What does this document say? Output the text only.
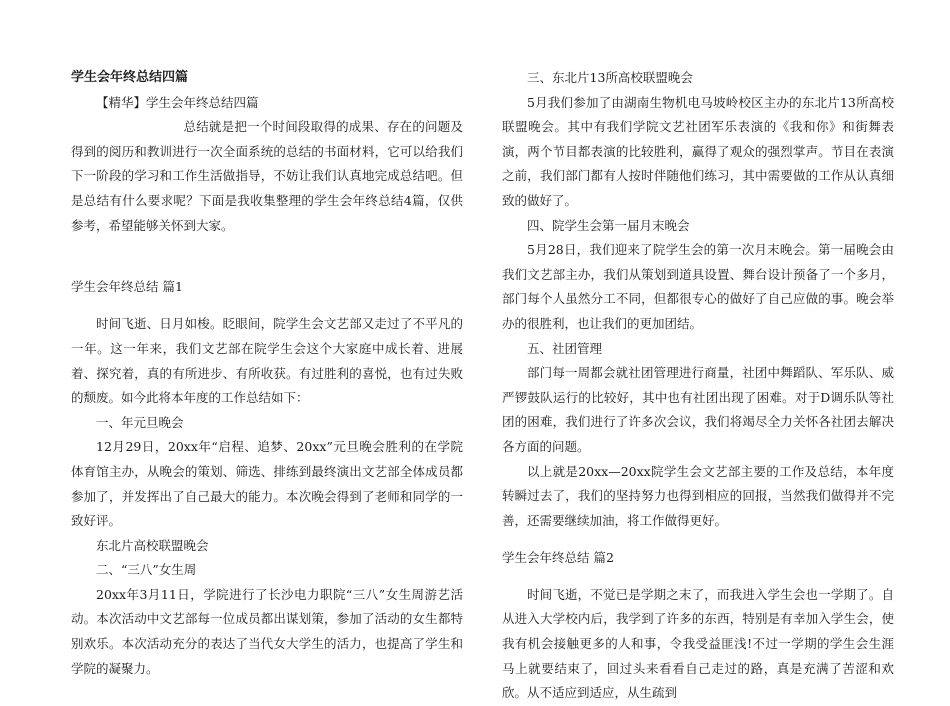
学生会年终总结四篇

【精华】学生会年终总结四篇

总结就是把一个时间段取得的成果、存在的问题及得到的阅历和教训进行一次全面系统的总结的书面材料，它可以给我们下一阶段的学习和工作生活做指导，不妨让我们认真地完成总结吧。但是总结有什么要求呢？下面是我收集整理的学生会年终总结4篇，仅供参考，希望能够关怀到大家。

学生会年终总结 篇1

时间飞逝、日月如梭。眨眼间，院学生会文艺部又走过了不平凡的一年。这一年来，我们文艺部在院学生会这个大家庭中成长着、进展着、探究着，真的有所进步、有所收获。有过胜利的喜悦，也有过失败的颓废。如今此将本年度的工作总结如下：

一、年元旦晚会

12月29日，20xx年“启程、追梦、20xx”元旦晚会胜利的在学院体育馆主办，从晚会的策划、筛选、排练到最终演出文艺部全体成员都参加了，并发挥出了自己最大的能力。本次晚会得到了老师和同学的一致好评。

东北片高校联盟晚会

二、“三八”女生周

20xx年3月11日，学院进行了长沙电力职院“三八”女生周游艺活动。本次活动中文艺部每一位成员都出谋划策，参加了活动的女生都特别欢乐。本次活动充分的表达了当代女大学生的活力，也提高了学生和学院的凝聚力。

三、东北片13所高校联盟晚会

5月我们参加了由湖南生物机电马坡岭校区主办的东北片13所高校联盟晚会。其中有我们学院文艺社团军乐表演的《我和你》和街舞表演，两个节目都表演的比较胜利，赢得了观众的强烈掌声。节目在表演之前，我们部门都有人按时伴随他们练习，其中需要做的工作从认真细致的做好了。

四、院学生会第一届月末晚会

5月28日，我们迎来了院学生会的第一次月末晚会。第一届晚会由我们文艺部主办，我们从策划到道具设置、舞台设计预备了一个多月，部门每个人虽然分工不同，但都很专心的做好了自己应做的事。晚会举办的很胜利，也让我们的更加团结。

五、社团管理

部门每一周都会就社团管理进行商量，社团中舞蹈队、军乐队、威严锣鼓队运行的比较好，其中也有社团出现了困难。对于D调乐队等社团的困难，我们进行了许多次会议，我们将竭尽全力关怀各社团去解决各方面的问题。

以上就是20xx—20xx院学生会文艺部主要的工作及总结，本年度转瞬过去了，我们的坚持努力也得到相应的回报，当然我们做得并不完善，还需要继续加油，将工作做得更好。

学生会年终总结 篇2

时间飞逝，不觉已是学期之末了，而我进入学生会也一学期了。自从进入大学校内后，我学到了许多的东西，特别是有幸加入学生会，使我有机会接触更多的人和事，令我受益匪浅!不过一学期的学生会生涯马上就要结束了，回过头来看看自己走过的路，真是充满了苦涩和欢欣。从不适应到适应，从生疏到
